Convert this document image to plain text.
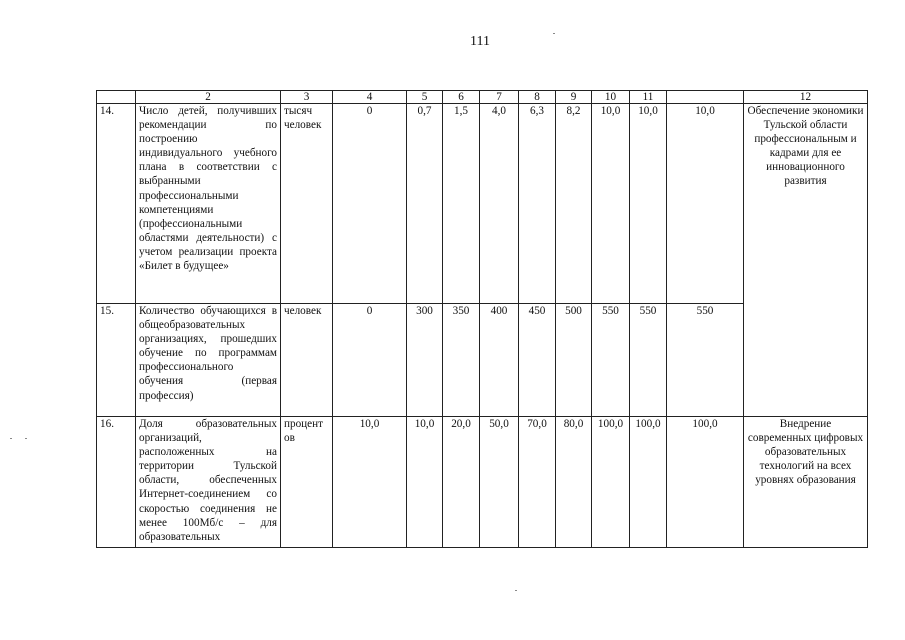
111
	2	3	4	5	6	7	8	9	10	11		12
14.	Число детей, получивших рекомендации по построению индивидуального учебного плана в соответствии с выбранными профессиональными компетенциями (профессиональными областями деятельности) с учетом реализации проекта «Билет в будущее»	тысяч человек	0	0,7	1,5	4,0	6,3	8,2	10,0	10,0	10,0	Обеспечение экономики Тульской области профессиональным и кадрами для ее инновационного развития
15.	Количество обучающихся в общеобразовательных организациях, прошедших обучение по программам профессионального обучения (первая профессия)	человек	0	300	350	400	450	500	550	550	550	
16.	Доля образовательных организаций, расположенных на территории Тульской области, обеспеченных Интернет-соединением со скоростью соединения не менее 100Мб/с – для образовательных	процент ов	10,0	10,0	20,0	50,0	70,0	80,0	100,0	100,0	100,0	Внедрение современных цифровых образовательных технологий на всех уровнях образования
